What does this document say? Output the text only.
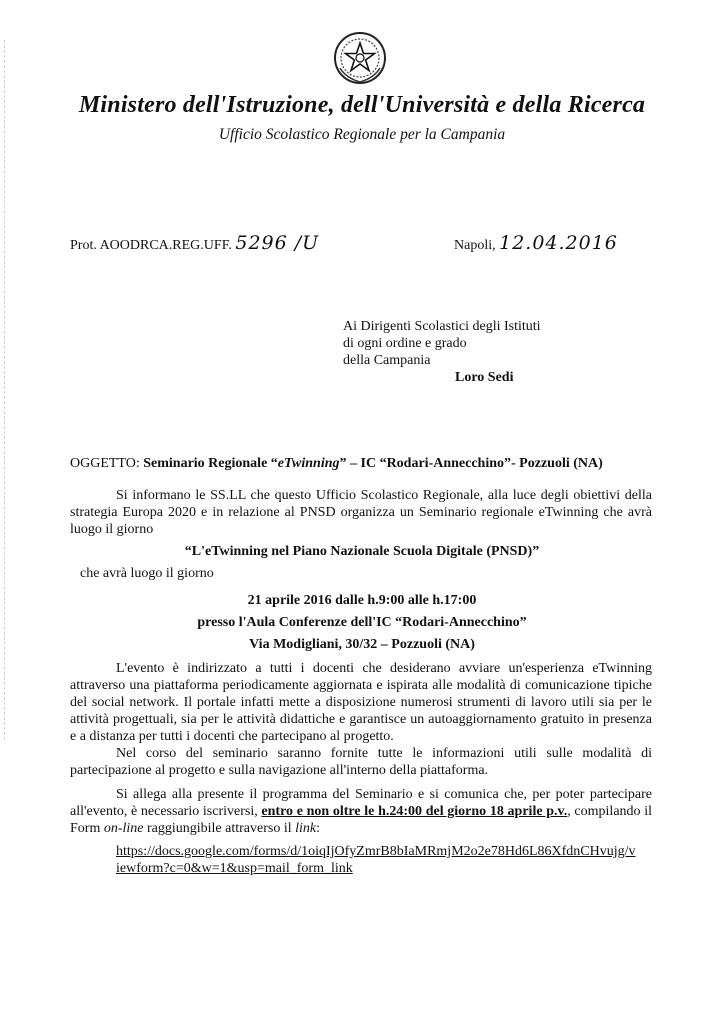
Ministero dell'Istruzione, dell'Università e della Ricerca
Ufficio Scolastico Regionale per la Campania
Prot. AOODRCA.REG.UFF. 5296 /U	Napoli, 12.04.2016
Ai Dirigenti Scolastici degli Istituti
di ogni ordine e grado
della Campania
Loro Sedi
OGGETTO: Seminario Regionale “eTwinning” – IC “Rodari-Annecchino”- Pozzuoli (NA)
Si informano le SS.LL che questo Ufficio Scolastico Regionale, alla luce degli obiettivi della strategia Europa 2020 e in relazione al PNSD organizza un Seminario regionale eTwinning che avrà luogo il giorno
“L'eTwinning nel Piano Nazionale Scuola Digitale (PNSD)”
che avrà luogo il giorno
21 aprile 2016 dalle h.9:00 alle h.17:00
presso l'Aula Conferenze dell'IC “Rodari-Annecchino”
Via Modigliani, 30/32 – Pozzuoli (NA)
L'evento è indirizzato a tutti i docenti che desiderano avviare un'esperienza eTwinning attraverso una piattaforma periodicamente aggiornata e ispirata alle modalità di comunicazione tipiche del social network. Il portale infatti mette a disposizione numerosi strumenti di lavoro utili sia per le attività progettuali, sia per le attività didattiche e garantisce un autoaggiornamento gratuito in presenza e a distanza per tutti i docenti che partecipano al progetto.
Nel corso del seminario saranno fornite tutte le informazioni utili sulle modalità di partecipazione al progetto e sulla navigazione all'interno della piattaforma.
Si allega alla presente il programma del Seminario e si comunica che, per poter partecipare all'evento, è necessario iscriversi, entro e non oltre le h.24:00 del giorno 18 aprile p.v., compilando il Form on-line raggiungibile attraverso il link:
https://docs.google.com/forms/d/1oiqIjOfyZmrB8bIaMRmjM2o2e78Hd6L86XfdnCHvujg/v
iewform?c=0&w=1&usp=mail_form_link
